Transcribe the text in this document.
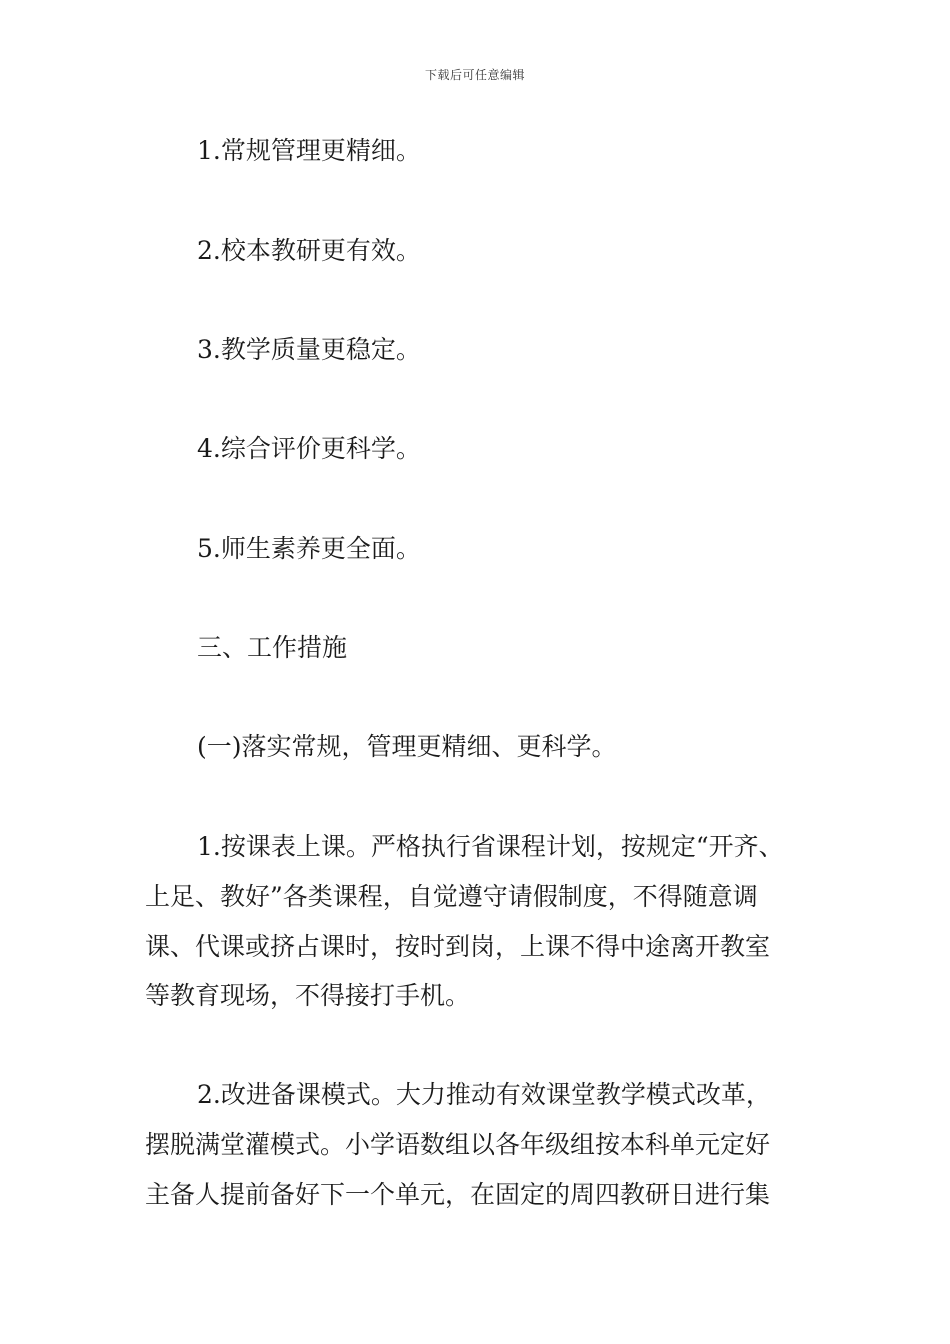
下载后可任意编辑
1.常规管理更精细。
2.校本教研更有效。
3.教学质量更稳定。
4.综合评价更科学。
5.师生素养更全面。
三、工作措施
(一)落实常规，管理更精细、更科学。
1.按课表上课。严格执行省课程计划，按规定“开齐、
上足、教好”各类课程，自觉遵守请假制度，不得随意调
课、代课或挤占课时，按时到岗，上课不得中途离开教室
等教育现场，不得接打手机。
2.改进备课模式。大力推动有效课堂教学模式改革，
摆脱满堂灌模式。小学语数组以各年级组按本科单元定好
主备人提前备好下一个单元，在固定的周四教研日进行集
